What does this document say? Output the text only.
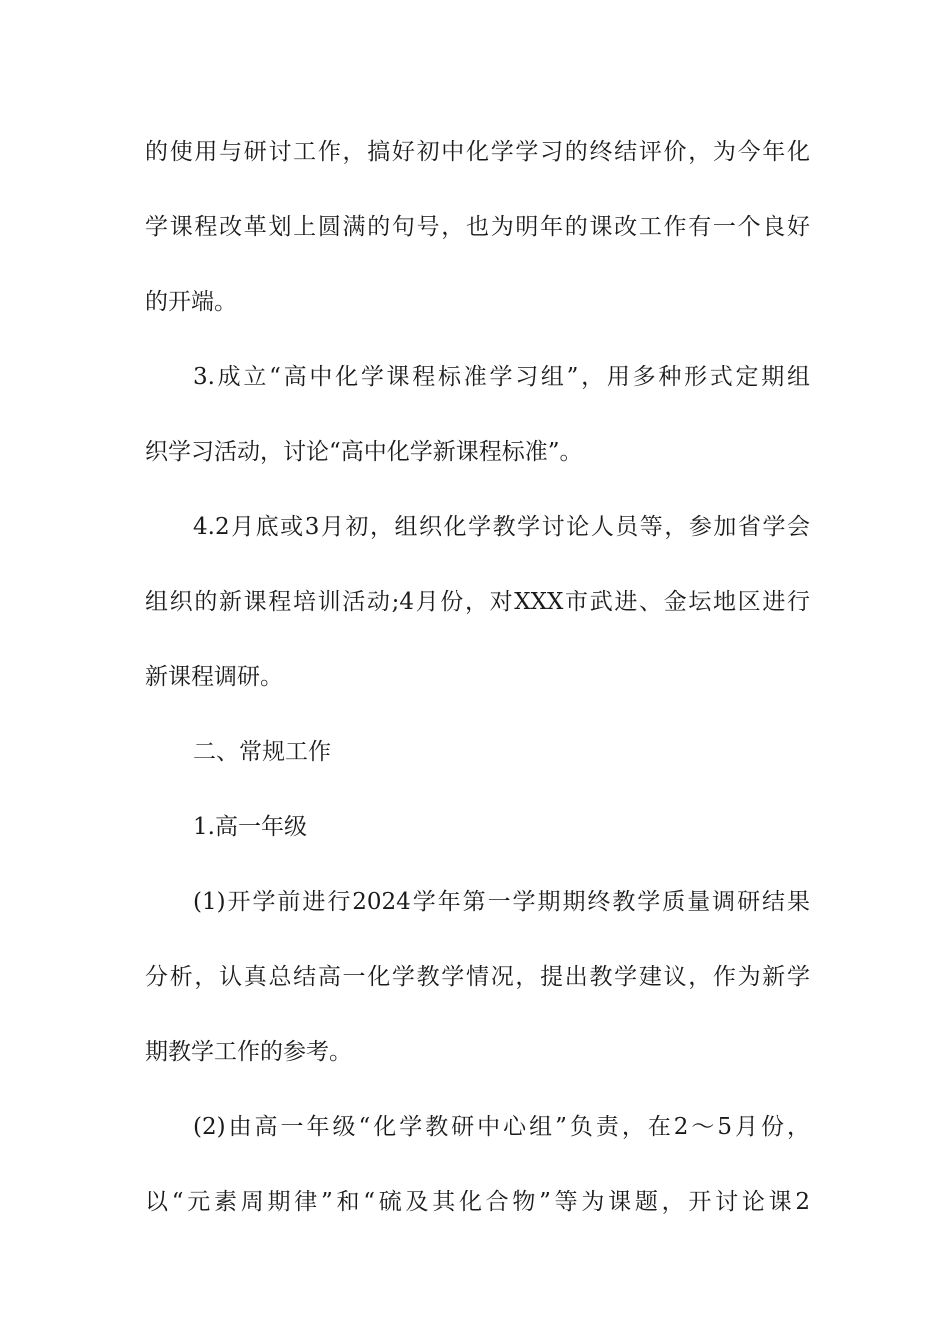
的使用与研讨工作，搞好初中化学学习的终结评价，为今年化
学课程改革划上圆满的句号，也为明年的课改工作有一个良好
的开端。
3.成立“高中化学课程标准学习组”，用多种形式定期组
织学习活动，讨论“高中化学新课程标准”。
4.2月底或3月初，组织化学教学讨论人员等，参加省学会
组织的新课程培训活动;4月份，对XXX市武进、金坛地区进行
新课程调研。
二、常规工作
1.高一年级
(1)开学前进行2024学年第一学期期终教学质量调研结果
分析，认真总结高一化学教学情况，提出教学建议，作为新学
期教学工作的参考。
(2)由高一年级“化学教研中心组”负责，在2～5月份，
以“元素周期律”和“硫及其化合物”等为课题，开讨论课2
